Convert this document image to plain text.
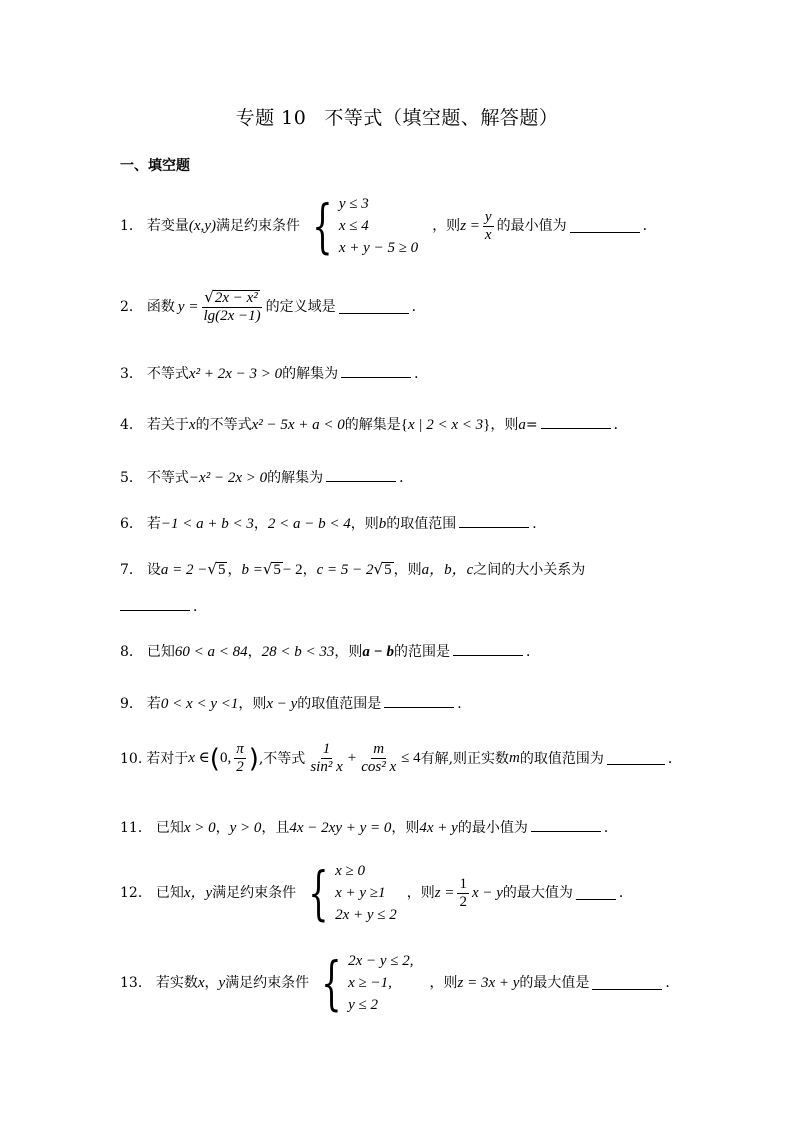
专题 10 不等式（填空题、解答题）
一、填空题
1． 若变量 (x,y) 满足约束条件 { y ≤ 3
x ≤ 4
x + y − 5 ≥ 0
，则 $z = \frac{y}{x}$ 的最小值为	．
2． 函数 $y = \frac{\text{√ 2x − x²}}{\lg(2x -1)}$ 的定义域是	．
3． 不等式x² + 2x − 3 > 0的解集为	．
4． 若关于x的不等式x² − 5x + a < 0的解集是{x | 2 < x < 3}，则a=	．
5． 不等式−x² − 2x > 0的解集为	．
6． 若−1 < a + b < 3，2 < a − b < 4，则b的取值范围	．
7． 设a = 2 − √ 5 ，b = √ 5 − 2，c = 5 − 2 √ 5 ，则a，b，c之间的大小关系为
．
8． 已知60 < a < 84，28 < b < 33，则a − b的范围是	．
9． 若0 < x < y <1，则x − y的取值范围是	．
10. 若对于 x ∈ ( 0, $\frac{\pi}{2}$ ) ,不等式 $\frac{1}{\text{sin² x}} + \frac{m}{\text{cos² x}} \le 4$ 有解,则正实数 m 的取值范围为	．
11． 已知x > 0，y > 0，且4x − 2xy + y = 0，则4x + y的最小值为	．
12． 已知 x，y 满足约束条件 { x ≥ 0
x + y ≥1
2x + y ≤ 2
，则 $z = \frac{1}{2}$ x − y 的最大值为	．
13． 若实数 x ， y 满足约束条件 { 2x − y ≤ 2,
x ≥ −1,
y ≤ 2
，则 z = 3x + y 的最大值是	．
